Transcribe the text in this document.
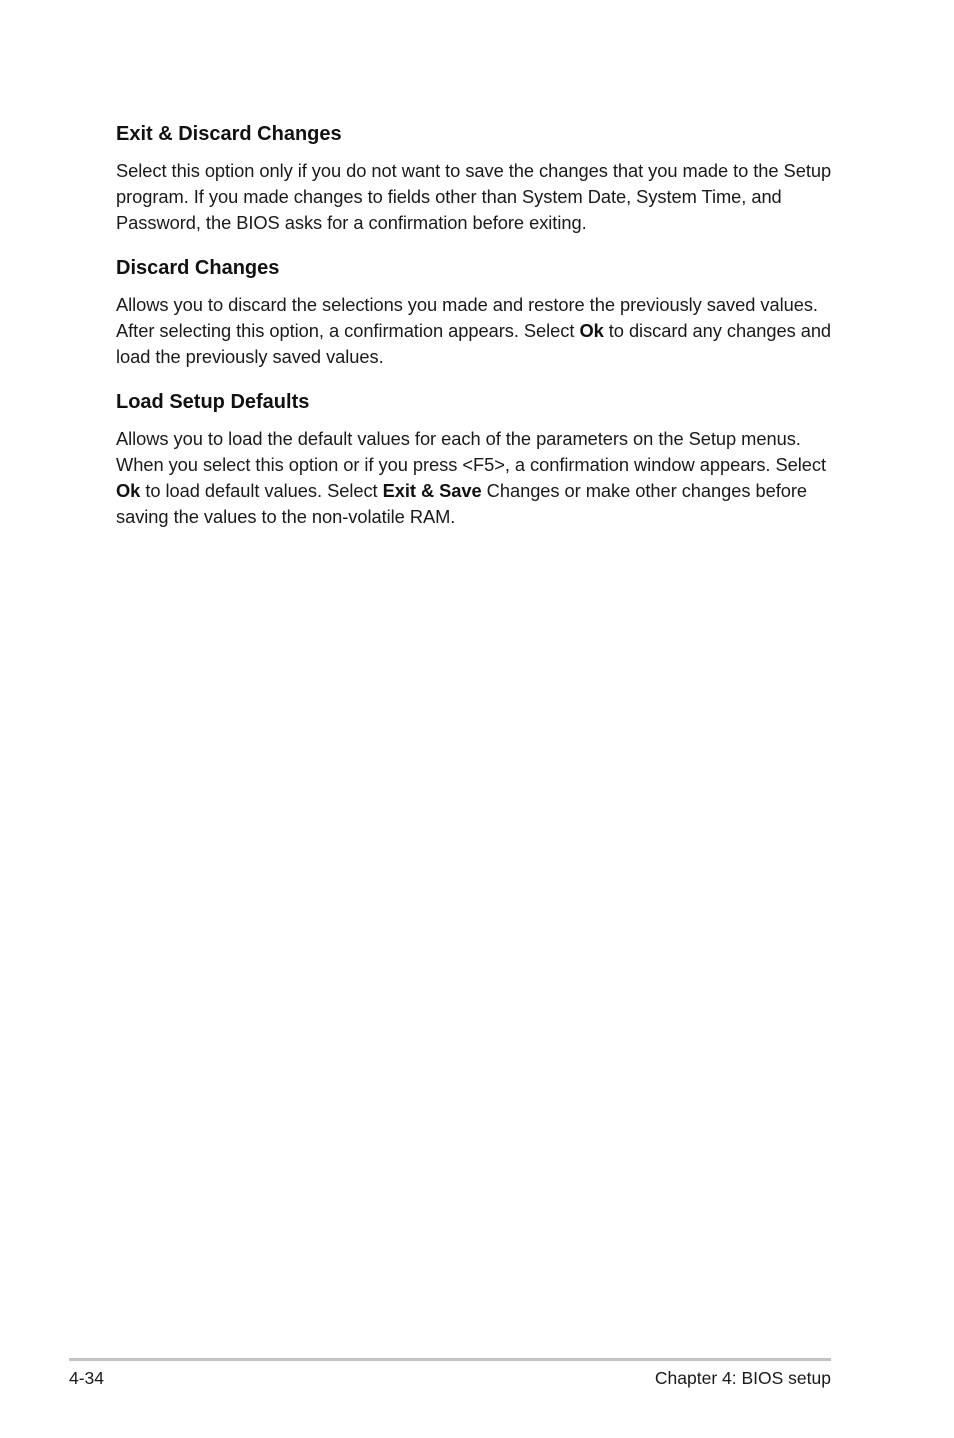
Exit & Discard Changes

Select this option only if you do not want to save the changes that you made to the Setup program. If you made changes to fields other than System Date, System Time, and Password, the BIOS asks for a confirmation before exiting.

Discard Changes

Allows you to discard the selections you made and restore the previously saved values. After selecting this option, a confirmation appears. Select Ok to discard any changes and load the previously saved values.

Load Setup Defaults

Allows you to load the default values for each of the parameters on the Setup menus. When you select this option or if you press <F5>, a confirmation window appears. Select Ok to load default values. Select Exit & Save Changes or make other changes before saving the values to the non-volatile RAM.

4-34	Chapter 4: BIOS setup
